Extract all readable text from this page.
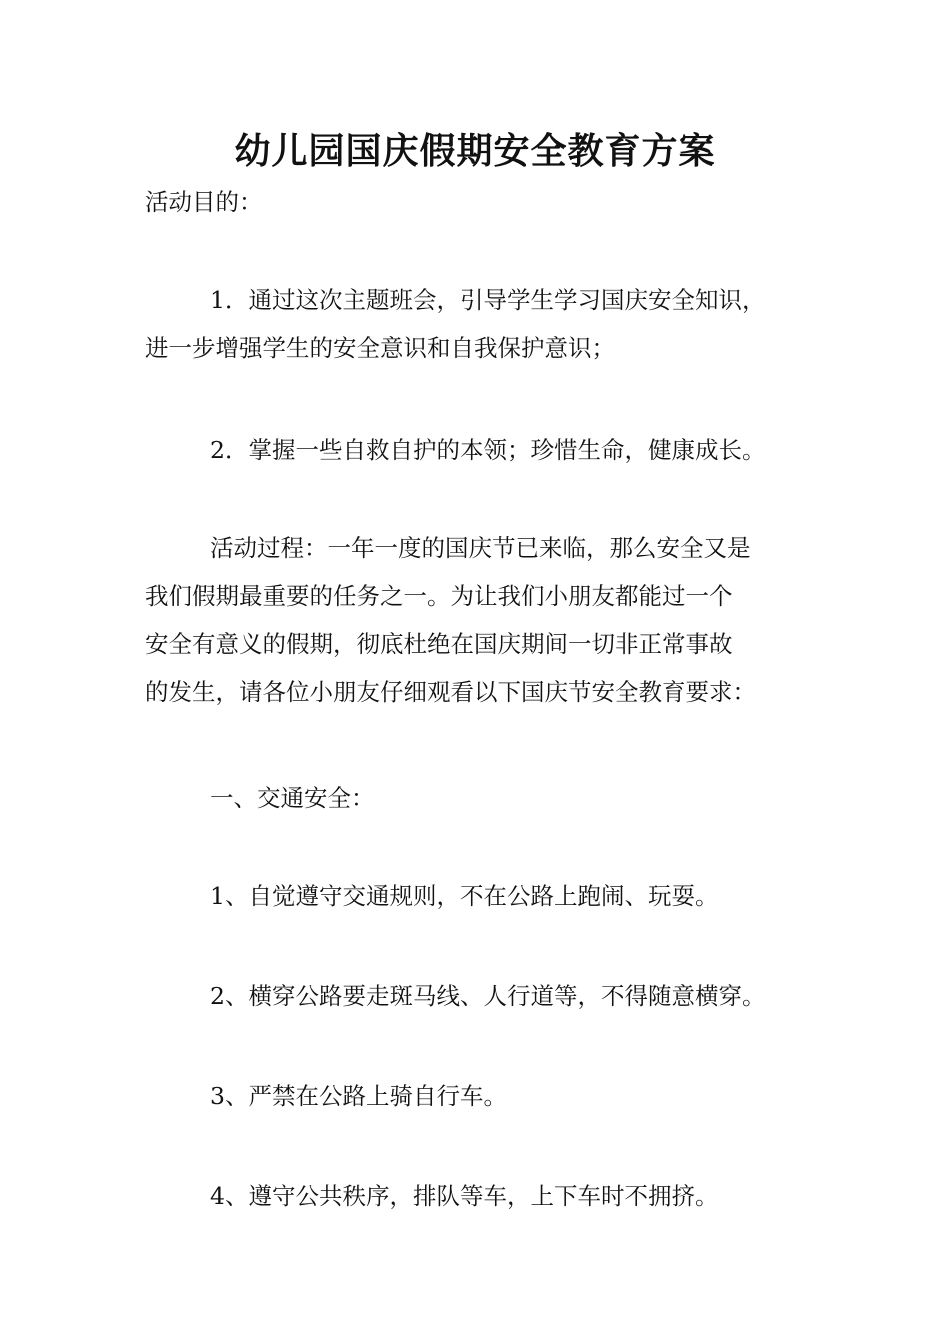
幼儿园国庆假期安全教育方案

活动目的：

1．通过这次主题班会，引导学生学习国庆安全知识，
进一步增强学生的安全意识和自我保护意识；

2．掌握一些自救自护的本领；珍惜生命，健康成长。

活动过程：一年一度的国庆节已来临，那么安全又是
我们假期最重要的任务之一。为让我们小朋友都能过一个
安全有意义的假期，彻底杜绝在国庆期间一切非正常事故
的发生，请各位小朋友仔细观看以下国庆节安全教育要求：

一、交通安全：

1、自觉遵守交通规则，不在公路上跑闹、玩耍。

2、横穿公路要走斑马线、人行道等，不得随意横穿。

3、严禁在公路上骑自行车。

4、遵守公共秩序，排队等车，上下车时不拥挤。
